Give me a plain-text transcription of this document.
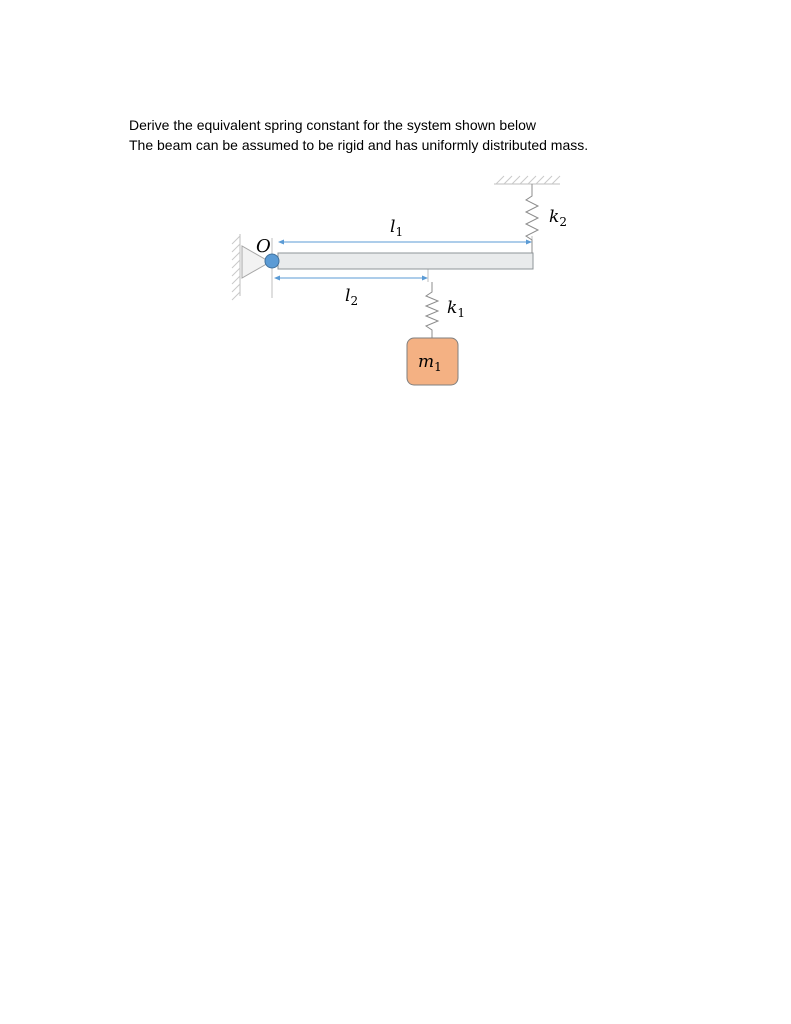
Derive the equivalent spring constant for the system shown below

The beam can be assumed to be rigid and has uniformly distributed mass.

O
$l_1$
$l_2$
$k_2$
$k_1$
$m_1$
